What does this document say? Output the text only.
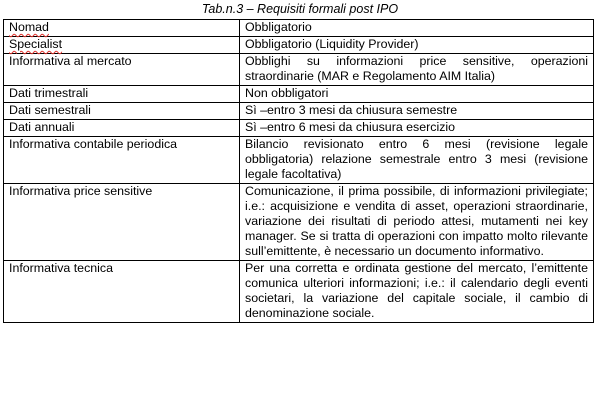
Tab.n.3 – Requisiti formali post IPO
Nomad	Obbligatorio
Specialist	Obbligatorio (Liquidity Provider)
Informativa al mercato	Obblighi su informazioni price sensitive, operazioni straordinarie (MAR e Regolamento AIM Italia)
Dati trimestrali	Non obbligatori
Dati semestrali	Sì –entro 3 mesi da chiusura semestre
Dati annuali	Sì –entro 6 mesi da chiusura esercizio
Informativa contabile periodica	Bilancio revisionato entro 6 mesi (revisione legale obbligatoria) relazione semestrale entro 3 mesi (revisione legale facoltativa)
Informativa price sensitive	Comunicazione, il prima possibile, di informazioni privilegiate; i.e.: acquisizione e vendita di asset, operazioni straordinarie, variazione dei risultati di periodo attesi, mutamenti nei key manager. Se si tratta di operazioni con impatto molto rilevante sull’emittente, è necessario un documento informativo.
Informativa tecnica	Per una corretta e ordinata gestione del mercato, l’emittente comunica ulteriori informazioni; i.e.: il calendario degli eventi societari, la variazione del capitale sociale, il cambio di denominazione sociale.
